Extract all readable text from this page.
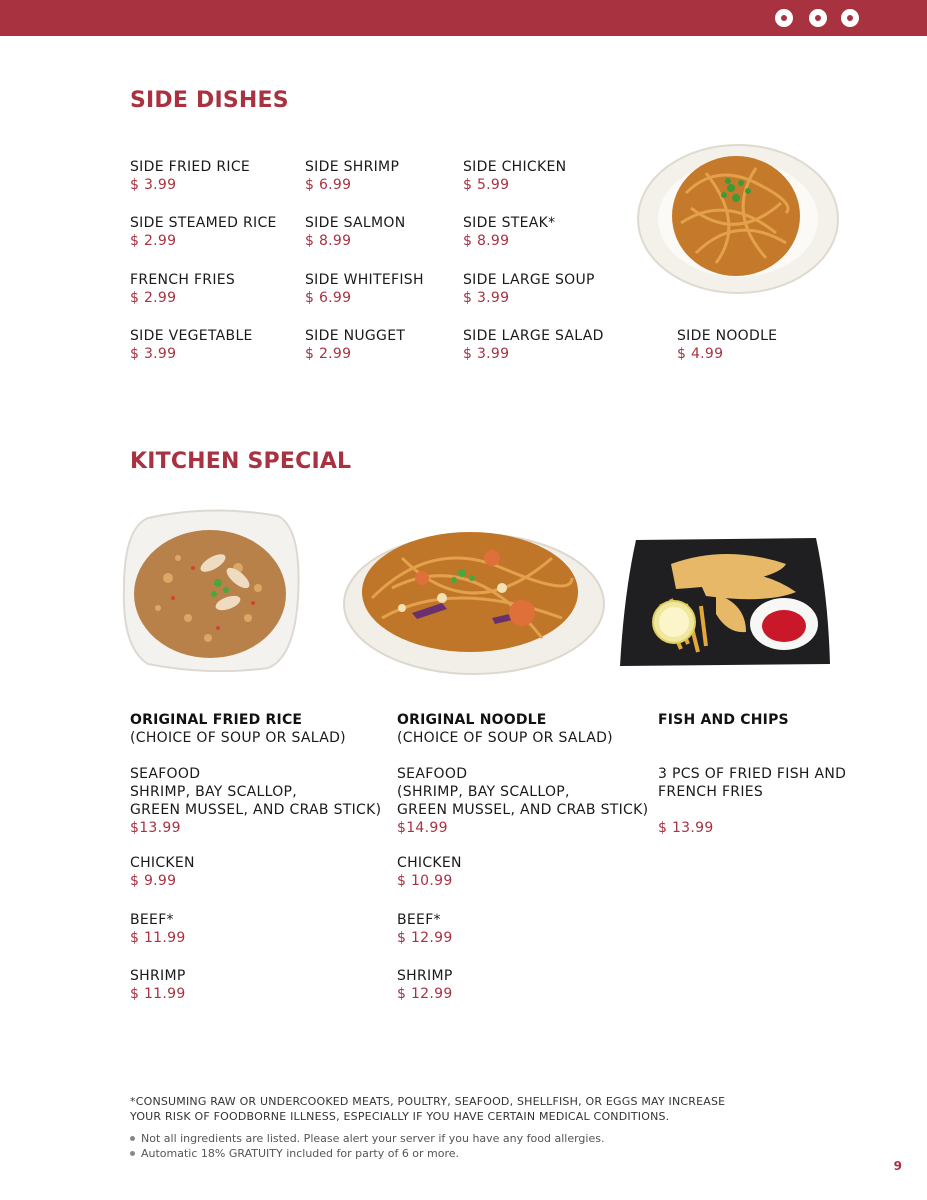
SIDE DISHES
SIDE FRIED RICE
$ 3.99
SIDE SHRIMP
$ 6.99
SIDE CHICKEN
$ 5.99
SIDE STEAMED RICE
$ 2.99
SIDE SALMON
$ 8.99
SIDE STEAK*
$ 8.99
FRENCH FRIES
$ 2.99
SIDE WHITEFISH
$ 6.99
SIDE LARGE SOUP
$ 3.99
SIDE VEGETABLE
$ 3.99
SIDE NUGGET
$ 2.99
SIDE LARGE SALAD
$ 3.99
SIDE NOODLE
$ 4.99
KITCHEN SPECIAL
ORIGINAL FRIED RICE
(CHOICE OF SOUP OR SALAD)
SEAFOOD
SHRIMP, BAY SCALLOP,
GREEN MUSSEL, AND CRAB STICK)
$13.99
CHICKEN
$ 9.99
BEEF*
$ 11.99
SHRIMP
$ 11.99
ORIGINAL NOODLE
(CHOICE OF SOUP OR SALAD)
SEAFOOD
(SHRIMP, BAY SCALLOP,
GREEN MUSSEL, AND CRAB STICK)
$14.99
CHICKEN
$ 10.99
BEEF*
$ 12.99
SHRIMP
$ 12.99
FISH AND CHIPS
3 PCS OF FRIED FISH AND
FRENCH FRIES
$ 13.99
*CONSUMING RAW OR UNDERCOOKED MEATS, POULTRY, SEAFOOD, SHELLFISH, OR EGGS MAY INCREASE
YOUR RISK OF FOODBORNE ILLNESS, ESPECIALLY IF YOU HAVE CERTAIN MEDICAL CONDITIONS.
Not all ingredients are listed. Please alert your server if you have any food allergies.
Automatic 18% GRATUITY included for party of 6 or more.
9
